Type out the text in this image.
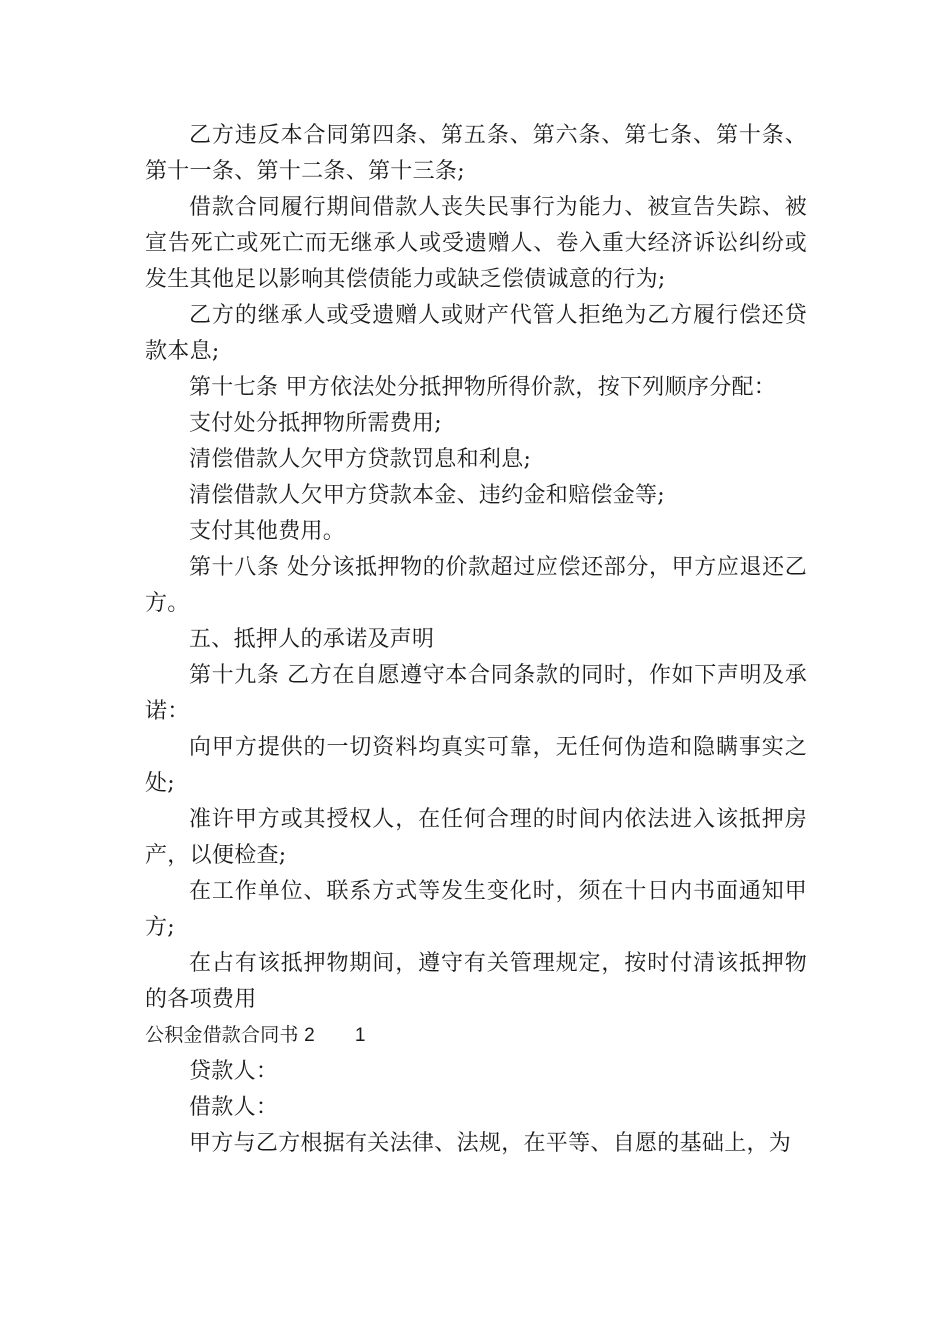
乙方违反本合同第四条、第五条、第六条、第七条、第十条、第十一条、第十二条、第十三条;

借款合同履行期间借款人丧失民事行为能力、被宣告失踪、被宣告死亡或死亡而无继承人或受遗赠人、卷入重大经济诉讼纠纷或发生其他足以影响其偿债能力或缺乏偿债诚意的行为;

乙方的继承人或受遗赠人或财产代管人拒绝为乙方履行偿还贷款本息;

第十七条 甲方依法处分抵押物所得价款，按下列顺序分配：

支付处分抵押物所需费用;

清偿借款人欠甲方贷款罚息和利息;

清偿借款人欠甲方贷款本金、违约金和赔偿金等;

支付其他费用。

第十八条 处分该抵押物的价款超过应偿还部分，甲方应退还乙方。

五、抵押人的承诺及声明

第十九条 乙方在自愿遵守本合同条款的同时，作如下声明及承诺：

向甲方提供的一切资料均真实可靠，无任何伪造和隐瞒事实之处;

准许甲方或其授权人，在任何合理的时间内依法进入该抵押房产，以便检查;

在工作单位、联系方式等发生变化时，须在十日内书面通知甲方;

在占有该抵押物期间，遵守有关管理规定，按时付清该抵押物的各项费用

公积金借款合同书 2 1

贷款人：

借款人：

甲方与乙方根据有关法律、法规，在平等、自愿的基础上，为
